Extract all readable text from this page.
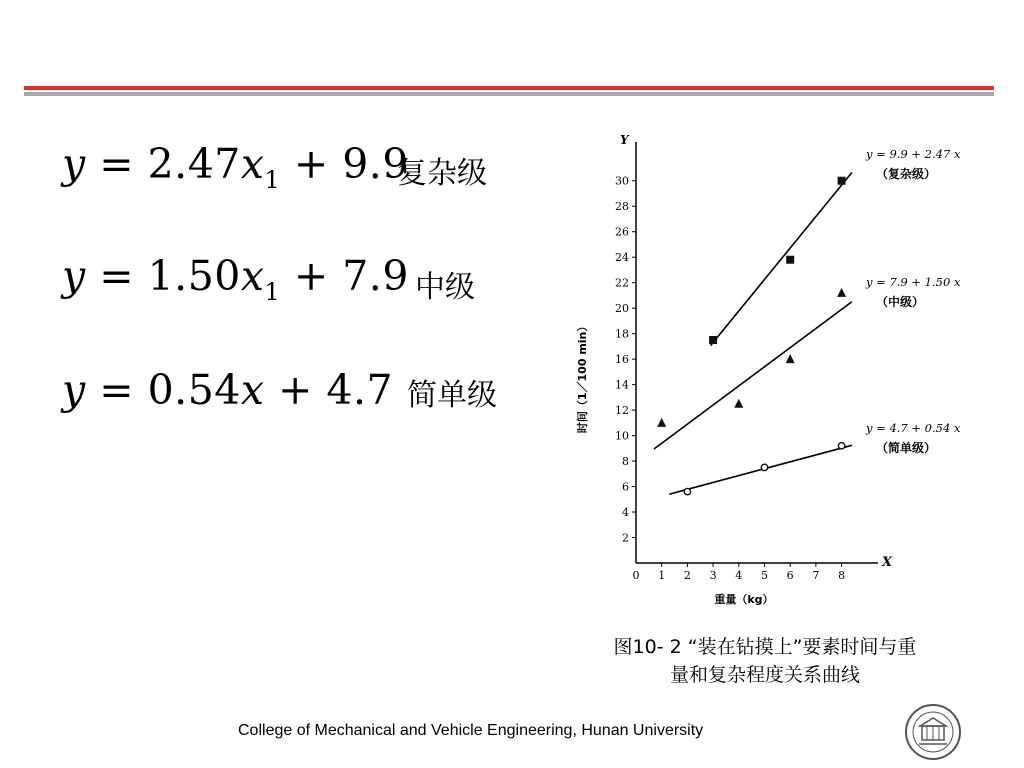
$y = 2.47x_1 + 9.9$
复杂级
$y = 1.50x_1 + 7.9$ 中级
y = 0.54x + 4.7 简单级
Y
X
2
4
6
8
10
12
14
16
18
20
22
24
26
28
30
0 1 2 3 4 5 6 7 8
时间（1／100 min）
重量（kg）
y = 9.9 + 2.47 x
（复杂级）
y = 7.9 + 1.50 x
（中级）
y = 4.7 + 0.54 x
（简单级）
图10- 2 “装在钻摸上”要素时间与重
量和复杂程度关系曲线
College of Mechanical and Vehicle Engineering, Hunan University
